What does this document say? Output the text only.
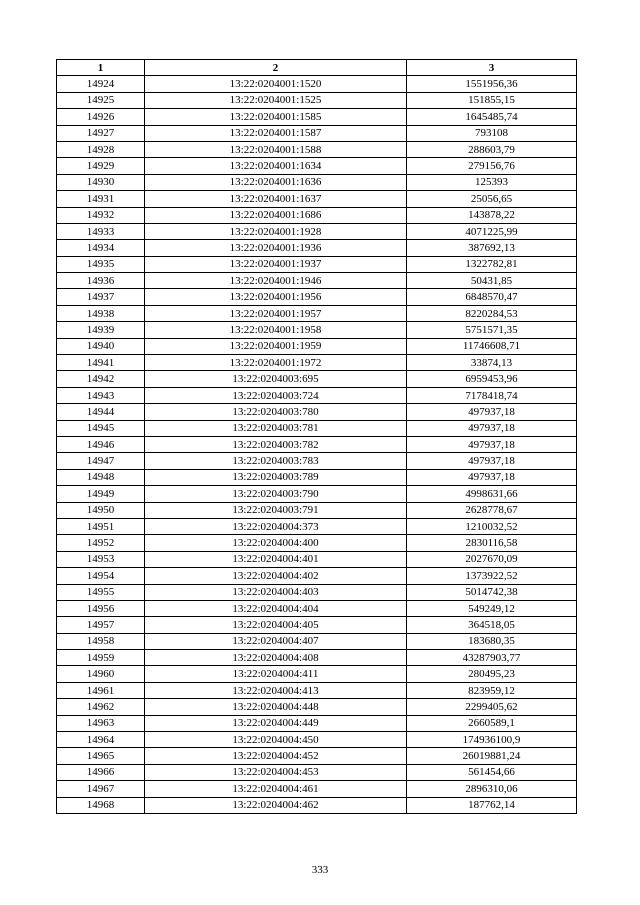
1	2	3
14924	13:22:0204001:1520	1551956,36
14925	13:22:0204001:1525	151855,15
14926	13:22:0204001:1585	1645485,74
14927	13:22:0204001:1587	793108
14928	13:22:0204001:1588	288603,79
14929	13:22:0204001:1634	279156,76
14930	13:22:0204001:1636	125393
14931	13:22:0204001:1637	25056,65
14932	13:22:0204001:1686	143878,22
14933	13:22:0204001:1928	4071225,99
14934	13:22:0204001:1936	387692,13
14935	13:22:0204001:1937	1322782,81
14936	13:22:0204001:1946	50431,85
14937	13:22:0204001:1956	6848570,47
14938	13:22:0204001:1957	8220284,53
14939	13:22:0204001:1958	5751571,35
14940	13:22:0204001:1959	11746608,71
14941	13:22:0204001:1972	33874,13
14942	13:22:0204003:695	6959453,96
14943	13:22:0204003:724	7178418,74
14944	13:22:0204003:780	497937,18
14945	13:22:0204003:781	497937,18
14946	13:22:0204003:782	497937,18
14947	13:22:0204003:783	497937,18
14948	13:22:0204003:789	497937,18
14949	13:22:0204003:790	4998631,66
14950	13:22:0204003:791	2628778,67
14951	13:22:0204004:373	1210032,52
14952	13:22:0204004:400	2830116,58
14953	13:22:0204004:401	2027670,09
14954	13:22:0204004:402	1373922,52
14955	13:22:0204004:403	5014742,38
14956	13:22:0204004:404	549249,12
14957	13:22:0204004:405	364518,05
14958	13:22:0204004:407	183680,35
14959	13:22:0204004:408	43287903,77
14960	13:22:0204004:411	280495,23
14961	13:22:0204004:413	823959,12
14962	13:22:0204004:448	2299405,62
14963	13:22:0204004:449	2660589,1
14964	13:22:0204004:450	174936100,9
14965	13:22:0204004:452	26019881,24
14966	13:22:0204004:453	561454,66
14967	13:22:0204004:461	2896310,06
14968	13:22:0204004:462	187762,14
333
